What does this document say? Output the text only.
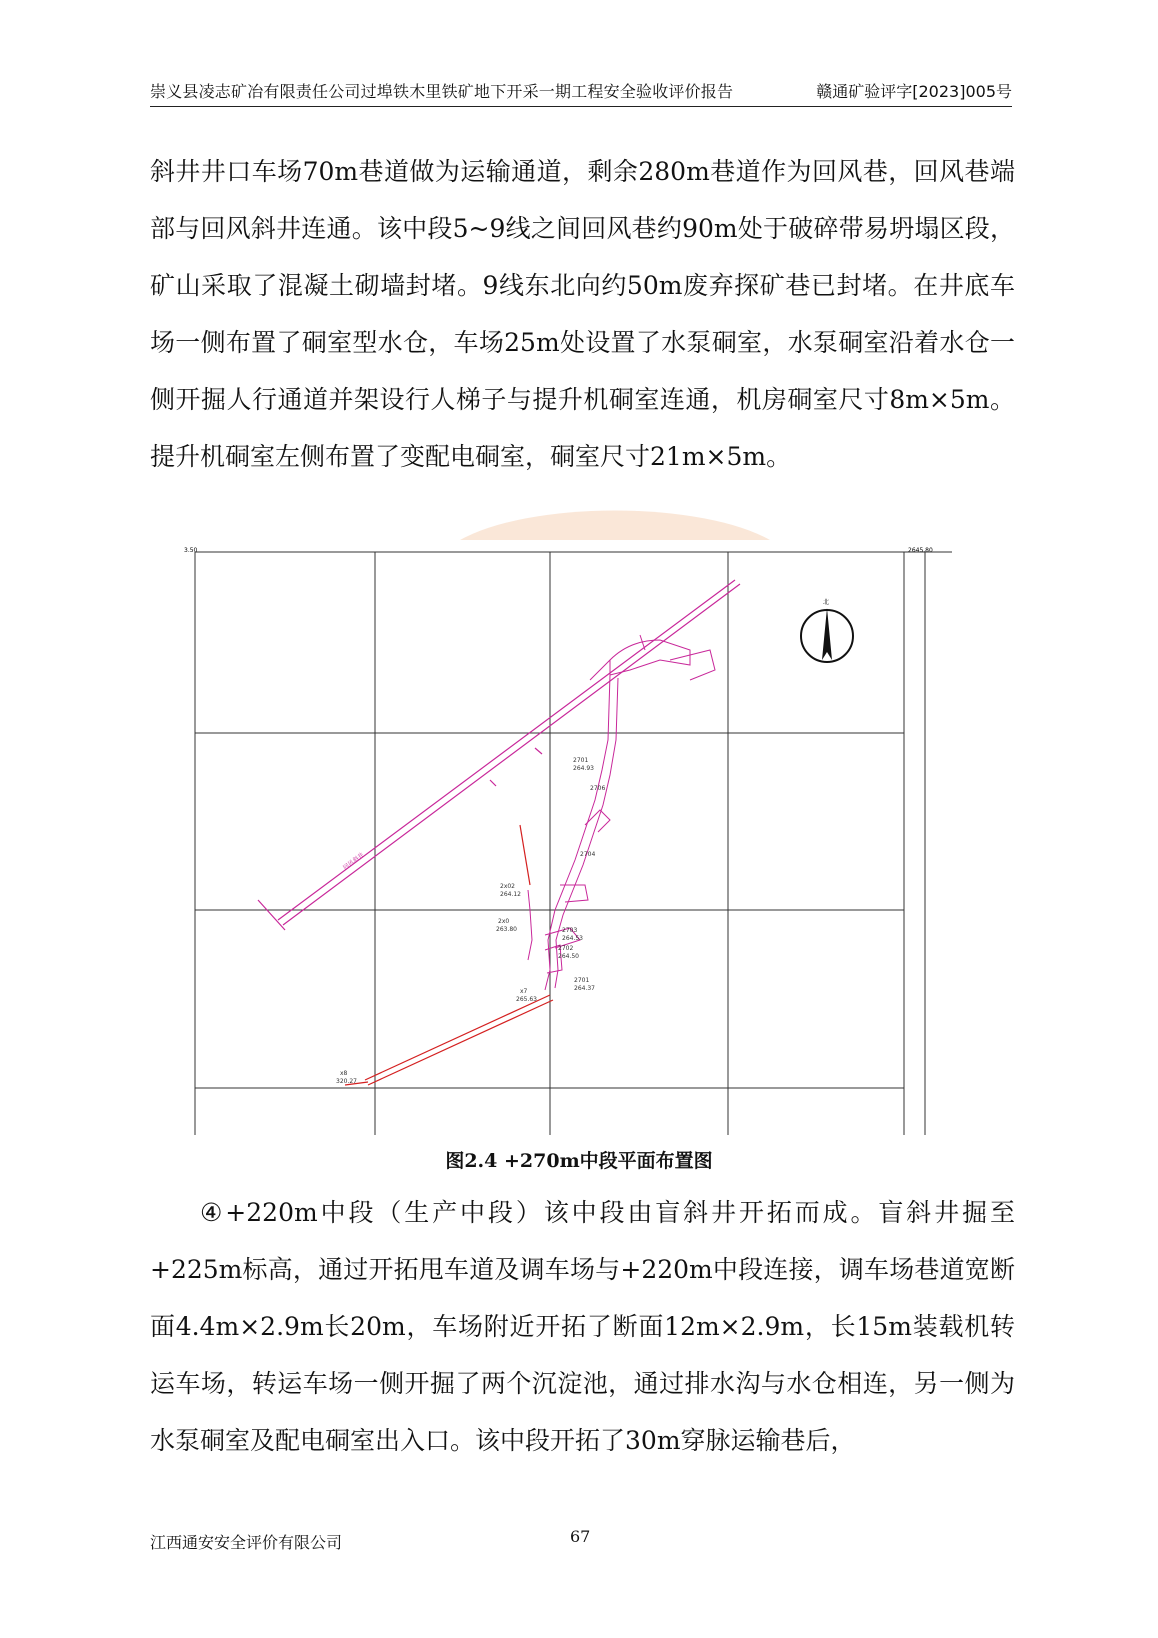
崇义县凌志矿冶有限责任公司过埠铁木里铁矿地下开采一期工程安全验收评价报告	赣通矿验评字[2023]005号
斜井井口车场70m巷道做为运输通道，剩余280m巷道作为回风巷，回风巷端部与回风斜井连通。该中段5~9线之间回风巷约90m处于破碎带易坍塌区段，矿山采取了混凝土砌墙封堵。9线东北向约50m废弃探矿巷已封堵。在井底车场一侧布置了硐室型水仓，车场25m处设置了水泵硐室，水泵硐室沿着水仓一侧开掘人行通道并架设行人梯子与提升机硐室连通，机房硐室尺寸8m×5m。提升机硐室左侧布置了变配电硐室，硐室尺寸21m×5m。
3.50	2645.80
北
回风斜井
2701
264.93
2706
2704
2x02
264.12
2x0
263.80	2703
264.53
2702
264.50
2701
264.37
x7
265.63
x8
320.27
图2.4 +270m中段平面布置图
④+220m中段（生产中段）该中段由盲斜井开拓而成。盲斜井掘至+225m标高，通过开拓甩车道及调车场与+220m中段连接，调车场巷道宽断面4.4m×2.9m长20m，车场附近开拓了断面12m×2.9m，长15m装载机转运车场，转运车场一侧开掘了两个沉淀池，通过排水沟与水仓相连，另一侧为水泵硐室及配电硐室出入口。该中段开拓了30m穿脉运输巷后，
江西通安安全评价有限公司	67
